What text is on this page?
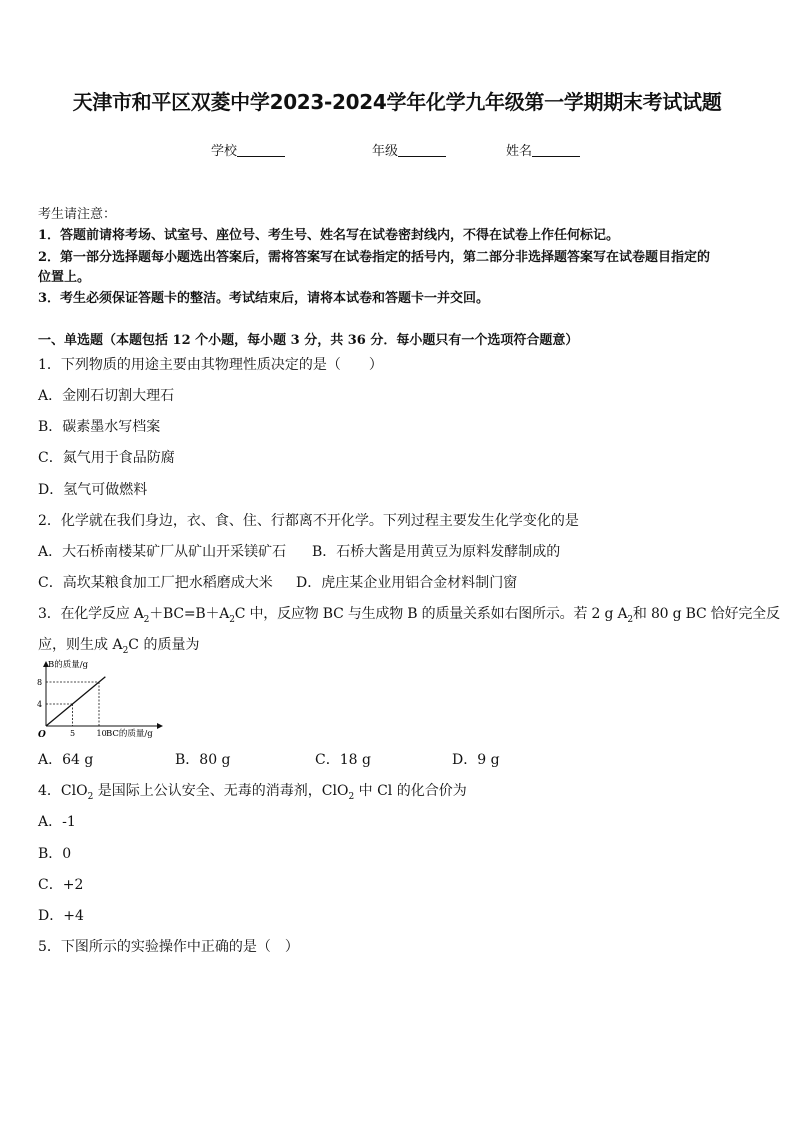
天津市和平区双菱中学2023-2024学年化学九年级第一学期期末考试试题
学校	年级	姓名
考生请注意：
1．答题前请将考场、试室号、座位号、考生号、姓名写在试卷密封线内，不得在试卷上作任何标记。
2．第一部分选择题每小题选出答案后，需将答案写在试卷指定的括号内，第二部分非选择题答案写在试卷题目指定的
位置上。
3．考生必须保证答题卡的整洁。考试结束后，请将本试卷和答题卡一并交回。
一、单选题（本题包括 12 个小题，每小题 3 分，共 36 分．每小题只有一个选项符合题意）
1．下列物质的用途主要由其物理性质决定的是（　　）
A．金刚石切割大理石
B．碳素墨水写档案
C．氮气用于食品防腐
D．氢气可做燃料
2．化学就在我们身边，衣、食、住、行都离不开化学。下列过程主要发生化学变化的是
A．大石桥南楼某矿厂从矿山开采镁矿石 B．石桥大酱是用黄豆为原料发酵制成的
C．高坎某粮食加工厂把水稻磨成大米 D．虎庄某企业用铝合金材料制门窗
3．在化学反应 $A_2+BC=B+A_2C$ 中，反应物 BC 与生成物 B 的质量关系如右图所示。若 2 g $A_2$和 80 g BC 恰好完全反
应，则生成 $A_2C$ 的质量为
B的质量/g
BC的质量/g
O	5
4
10
8
A．64 g	B．80 g	C．18 g	D．9 g
4．ClO$_2$ 是国际上公认安全、无毒的消毒剂，ClO$_2$ 中 Cl 的化合价为
A．-1
B．0
C．+2
D．+4
5．下图所示的实验操作中正确的是（　）
